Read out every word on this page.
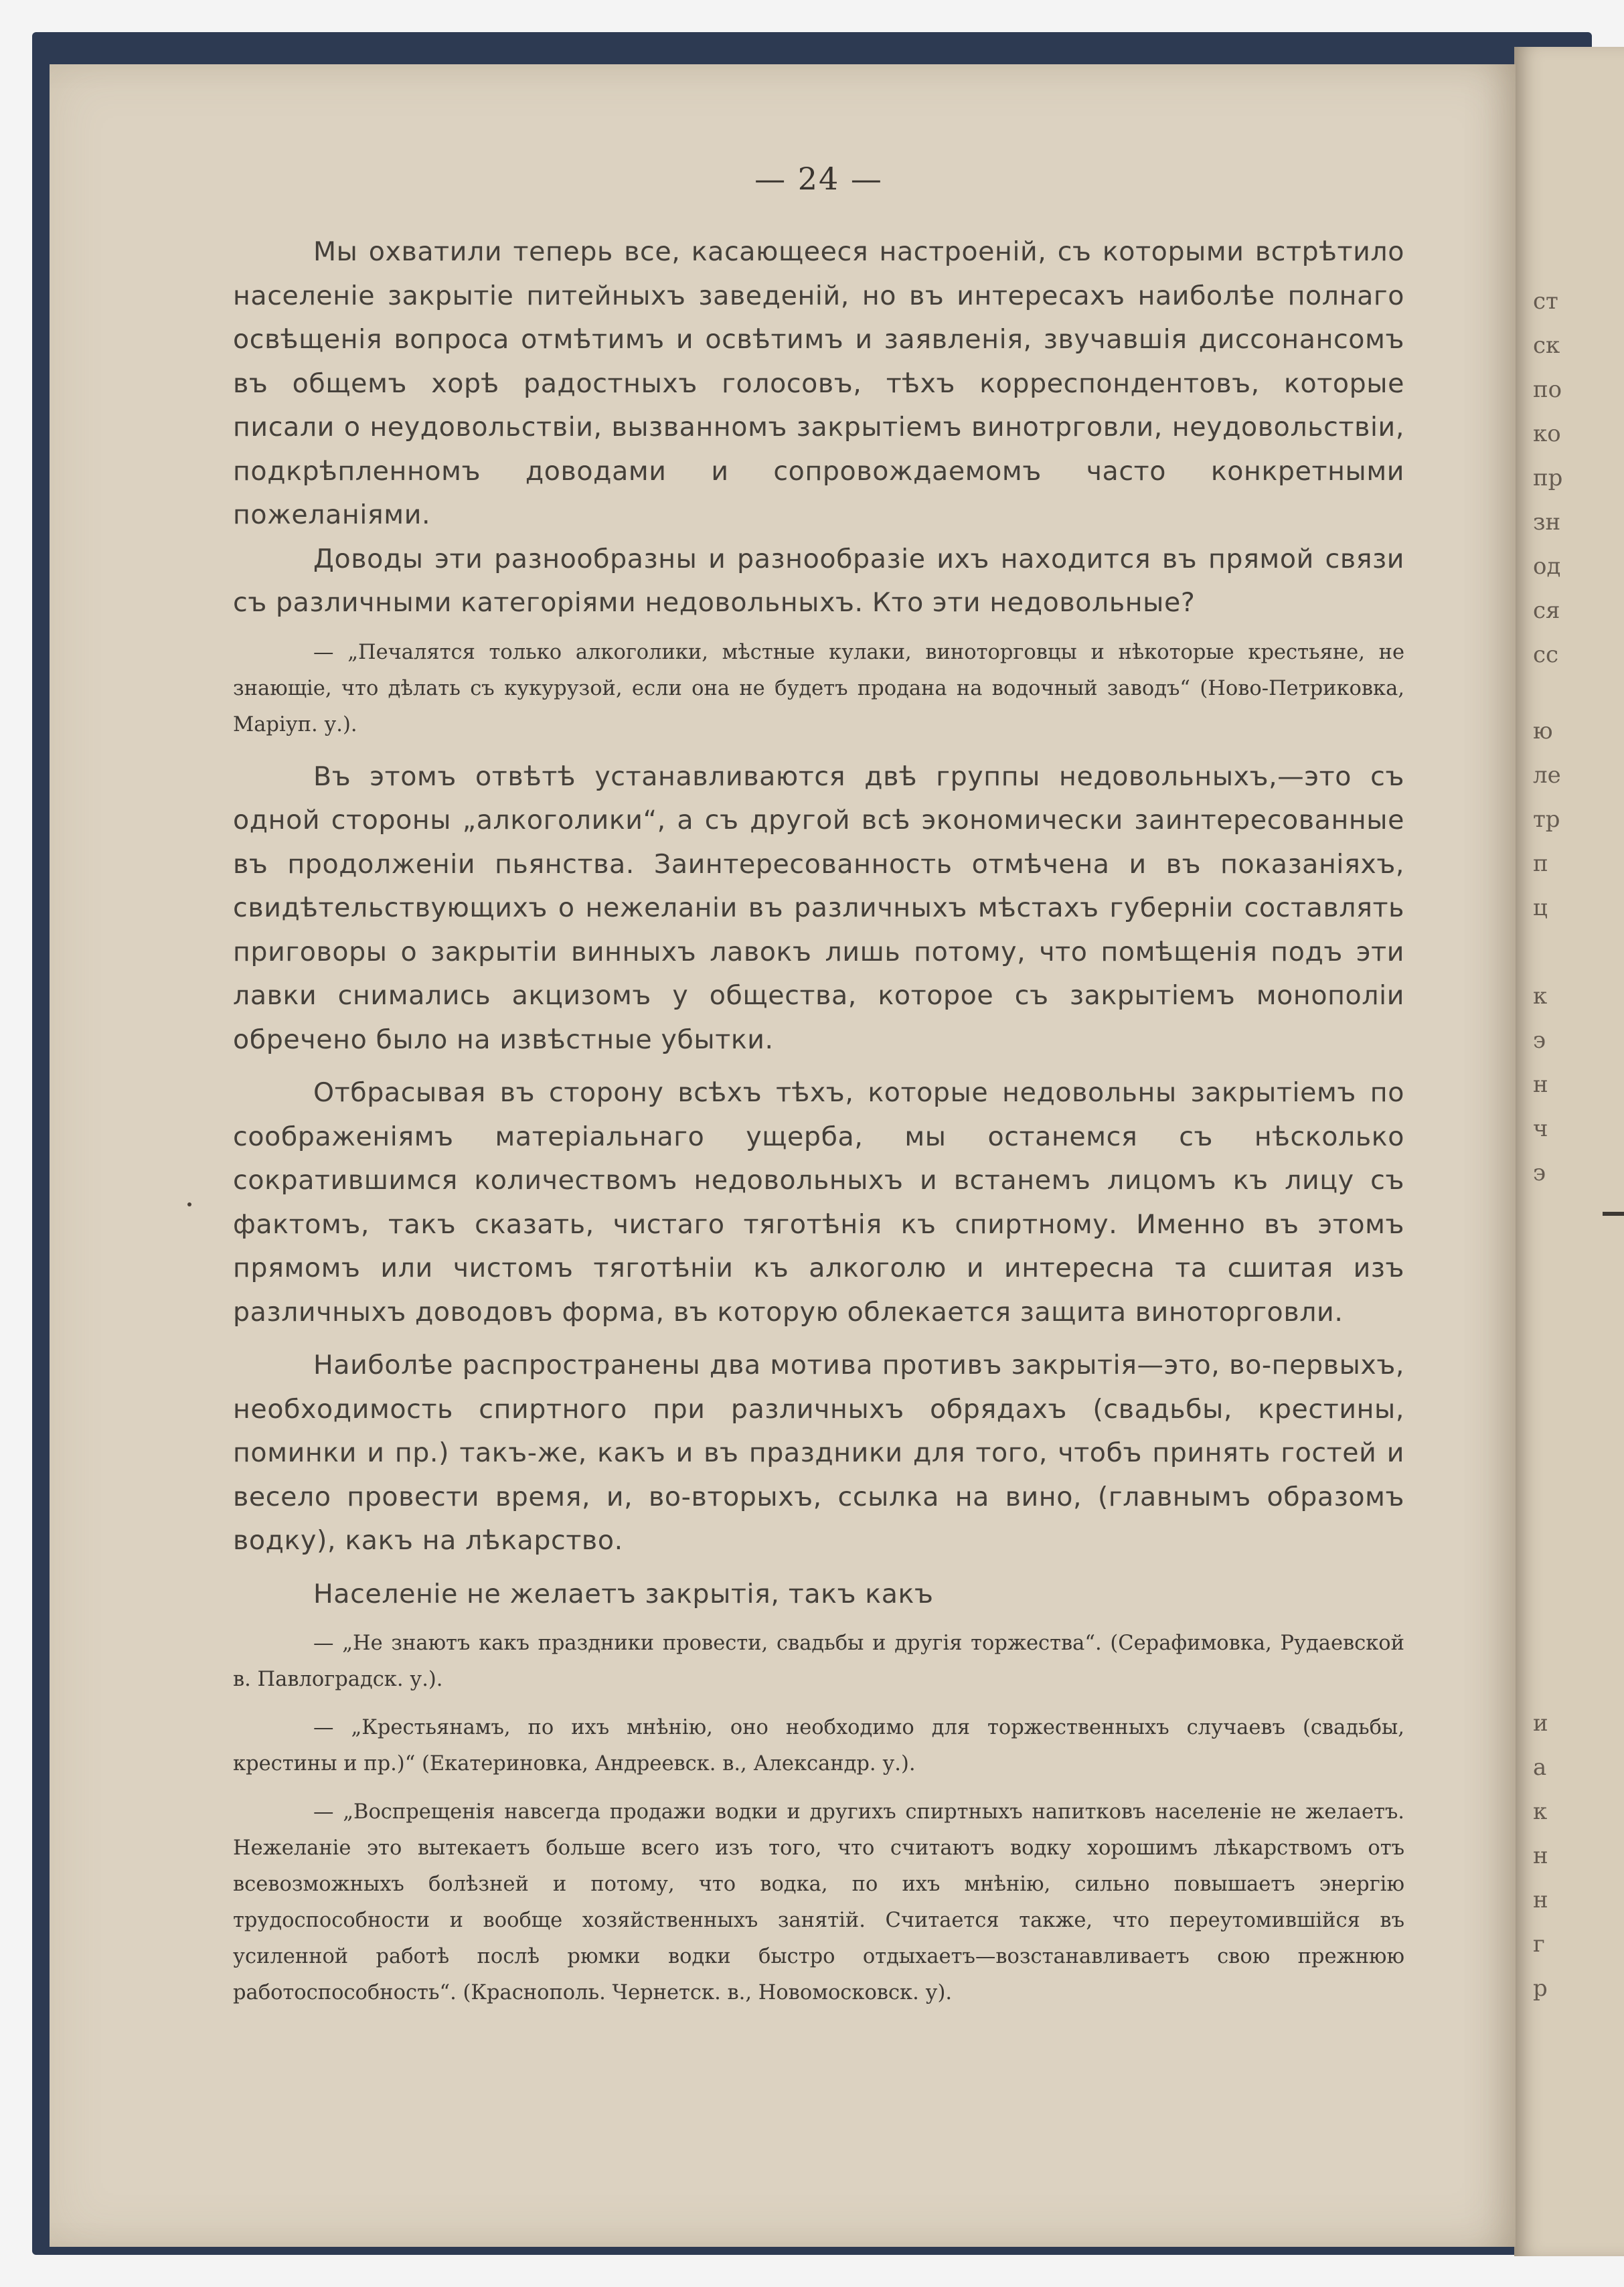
ст
ск
по
ко
пр
зн
од
ся
сс
ю
ле
тр
п
ц
к
э
н
ч
э
и
а
к
н
н
г
р
— 24 —

Мы охватили теперь все, касающееся настроеній, съ которыми встрѣтило населеніе закрытіе питейныхъ заведеній, но въ интересахъ наиболѣе полнаго освѣщенія вопроса отмѣтимъ и освѣтимъ и заявленія, звучавшія диссонансомъ въ общемъ хорѣ радостныхъ голосовъ, тѣхъ корреспондентовъ, которые писали о неудовольствіи, вызванномъ закрытіемъ винотрговли, неудовольствіи, подкрѣпленномъ доводами и сопровождаемомъ часто конкретными пожеланіями.

Доводы эти разнообразны и разнообразіе ихъ находится въ прямой связи съ различными категоріями недовольныхъ. Кто эти недовольные?

— „Печалятся только алкоголики, мѣстные кулаки, виноторговцы и нѣкоторые крестьяне, не знающіе, что дѣлать съ кукурузой, если она не будетъ продана на водочный заводъ“ (Ново-Петриковка, Маріуп. у.).

Въ этомъ отвѣтѣ устанавливаются двѣ группы недовольныхъ,—это съ одной стороны „алкоголики“, а съ другой всѣ экономически заинтересованные въ продолженіи пьянства. Заинтересованность отмѣчена и въ показаніяхъ, свидѣтельствующихъ о нежеланіи въ различныхъ мѣстахъ губерніи составлять приговоры о закрытіи винныхъ лавокъ лишь потому, что помѣщенія подъ эти лавки снимались акцизомъ у общества, которое съ закрытіемъ монополіи обречено было на извѣстные убытки.

Отбрасывая въ сторону всѣхъ тѣхъ, которые недовольны закрытіемъ по соображеніямъ матеріальнаго ущерба, мы останемся съ нѣсколько сократившимся количествомъ недовольныхъ и встанемъ лицомъ къ лицу съ фактомъ, такъ сказать, чистаго тяготѣнія къ спиртному. Именно въ этомъ прямомъ или чистомъ тяготѣніи къ алкоголю и интересна та сшитая изъ различныхъ доводовъ форма, въ которую облекается защита виноторговли.

Наиболѣе распространены два мотива противъ закрытія—это, во-первыхъ, необходимость спиртного при различныхъ обрядахъ (свадьбы, крестины, поминки и пр.) такъ-же, какъ и въ праздники для того, чтобъ принять гостей и весело провести время, и, во-вторыхъ, ссылка на вино, (главнымъ образомъ водку), какъ на лѣкарство.

Населеніе не желаетъ закрытія, такъ какъ

— „Не знаютъ какъ праздники провести, свадьбы и другія торжества“. (Серафимовка, Рудаевской в. Павлоградск. у.).

— „Крестьянамъ, по ихъ мнѣнію, оно необходимо для торжественныхъ случаевъ (свадьбы, крестины и пр.)“ (Екатериновка, Андреевск. в., Александр. у.).

— „Воспрещенія навсегда продажи водки и другихъ спиртныхъ напитковъ населеніе не желаетъ. Нежеланіе это вытекаетъ больше всего изъ того, что считаютъ водку хорошимъ лѣкарствомъ отъ всевозможныхъ болѣзней и потому, что водка, по ихъ мнѣнію, сильно повышаетъ энергію трудоспособности и вообще хозяйственныхъ занятій. Считается также, что переутомившійся въ усиленной работѣ послѣ рюмки водки быстро отдыхаетъ—возстанавливаетъ свою прежнюю работоспособность“. (Краснополь. Чернетск. в., Новомосковск. у).
